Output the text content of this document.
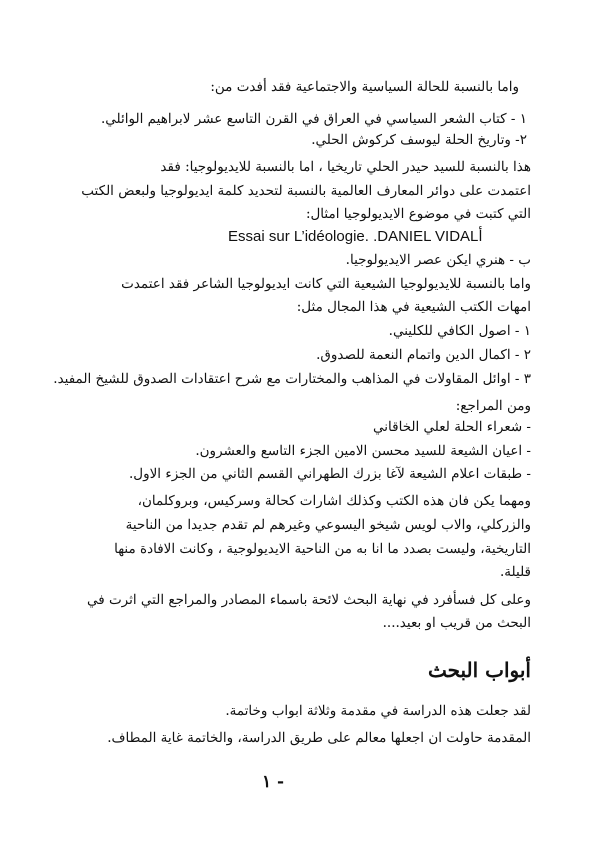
واما بالنسبة للحالة السياسية والاجتماعية فقد أفدت من:
١ - كتاب الشعر السياسي في العراق في القرن التاسع عشر لابراهيم الوائلي.
٢- وتاريخ الحلة ليوسف كركوش الحلي.
هذا بالنسبة للسيد حيدر الحلي تاريخيا ، اما بالنسبة للايديولوجيا: فقد
اعتمدت على دوائر المعارف العالمية بالنسبة لتحديد كلمة ايديولوجيا ولبعض الكتب
التي كتبت في موضوع الايديولوجيا امثال:
Essai sur L’idéologie. .DANIEL VIDALأ
ب - هنري ايكن عصر الايديولوجيا.
واما بالنسبة للايديولوجيا الشيعية التي كانت ايديولوجيا الشاعر فقد اعتمدت
امهات الكتب الشيعية في هذا المجال مثل:
١ - اصول الكافي للكليني.
٢ - اكمال الدين واتمام النعمة للصدوق.
٣ - اوائل المقاولات في المذاهب والمختارات مع شرح اعتقادات الصدوق للشيخ المفيد.
ومن المراجع:
- شعراء الحلة لعلي الخاقاني
- اعيان الشيعة للسيد محسن الامين الجزء التاسع والعشرون.
- طبقات اعلام الشيعة لآغا بزرك الطهراني القسم الثاني من الجزء الاول.
ومهما يكن فان هذه الكتب وكذلك اشارات كحالة وسركيس، وبروكلمان،
والزركلي، والاب لويس شيخو اليسوعي وغيرهم لم تقدم جديدا من الناحية
التاريخية، وليست بصدد ما انا به من الناحية الايديولوجية ، وكانت الافادة منها
قليلة.
وعلى كل فسأفرد في نهاية البحث لائحة باسماء المصادر والمراجع التي اثرت في
البحث من قريب او بعيد....
أبواب البحث
لقد جعلت هذه الدراسة في مقدمة وثلاثة ابواب وخاتمة.
المقدمة حاولت ان اجعلها معالم على طريق الدراسة، والخاتمة غاية المطاف.
- ١
